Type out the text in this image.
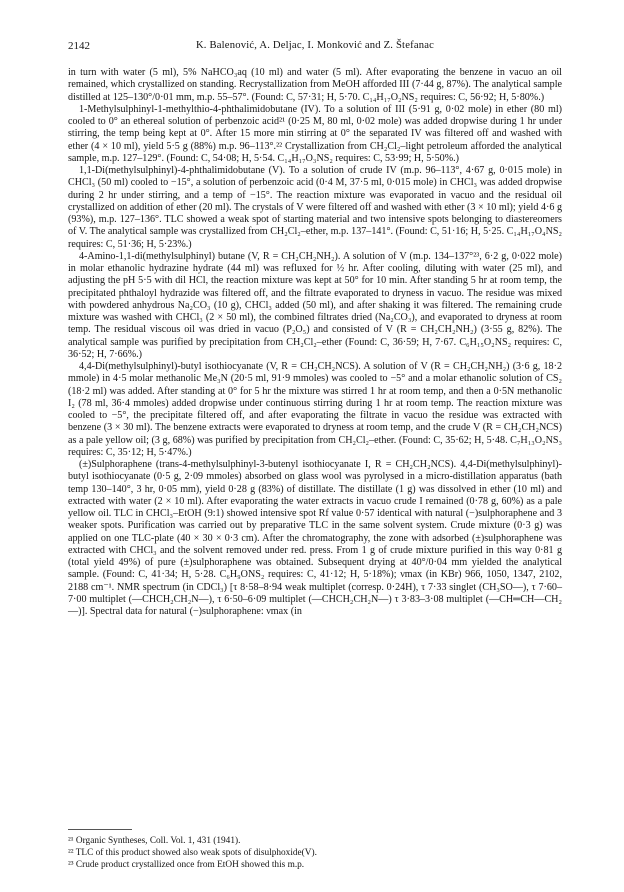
2142	K. Balenović, A. Deljac, I. Monković and Z. Štefanac

in turn with water (5 ml), 5% NaHCO₃aq (10 ml) and water (5 ml). After evaporating the benzene in vacuo an oil remained, which crystallized on standing. Recrystallization from MeOH afforded III (7·44 g, 87%). The analytical sample distilled at 125–130°/0·01 mm, m.p. 55–57°. (Found: C, 57·31; H, 5·70. C₁₄H₁₇O₂NS₂ requires: C, 56·92; H, 5·80%.)

1-Methylsulphinyl-1-methylthio-4-phthalimidobutane (IV). To a solution of III (5·91 g, 0·02 mole) in ether (80 ml) cooled to 0° an ethereal solution of perbenzoic acid²¹ (0·25 M, 80 ml, 0·02 mole) was added dropwise during 1 hr under stirring, the temp being kept at 0°. After 15 more min stirring at 0° the separated IV was filtered off and washed with ether (4 × 10 ml), yield 5·5 g (88%) m.p. 96–113°.²² Crystallization from CH₂Cl₂–light petroleum afforded the analytical sample, m.p. 127–129°. (Found: C, 54·08; H, 5·54. C₁₄H₁₇O₃NS₂ requires: C, 53·99; H, 5·50%.)

1,1-Di(methylsulphinyl)-4-phthalimidobutane (V). To a solution of crude IV (m.p. 96–113°, 4·67 g, 0·015 mole) in CHCl₃ (50 ml) cooled to −15°, a solution of perbenzoic acid (0·4 M, 37·5 ml, 0·015 mole) in CHCl₃ was added dropwise during 2 hr under stirring, and a temp of −15°. The reaction mixture was evaporated in vacuo and the residual oil crystallized on addition of ether (20 ml). The crystals of V were filtered off and washed with ether (3 × 10 ml); yield 4·6 g (93%), m.p. 127–136°. TLC showed a weak spot of starting material and two intensive spots belonging to diastereomers of V. The analytical sample was crystallized from CH₂Cl₂–ether, m.p. 137–141°. (Found: C, 51·16; H, 5·25. C₁₄H₁₇O₄NS₂ requires: C, 51·36; H, 5·23%.)

4-Amino-1,1-di(methylsulphinyl) butane (V, R = CH₂CH₂NH₂). A solution of V (m.p. 134–137°²³, 6·2 g, 0·022 mole) in molar ethanolic hydrazine hydrate (44 ml) was refluxed for ½ hr. After cooling, diluting with water (25 ml), and adjusting the pH 5·5 with dil HCl, the reaction mixture was kept at 50° for 10 min. After standing 5 hr at room temp, the precipitated phthaloyl hydrazide was filtered off, and the filtrate evaporated to dryness in vacuo. The residue was mixed with powdered anhydrous Na₂CO₃ (10 g), CHCl₃ added (50 ml), and after shaking it was filtered. The remaining crude mixture was washed with CHCl₃ (2 × 50 ml), the combined filtrates dried (Na₂CO₃), and evaporated to dryness at room temp. The residual viscous oil was dried in vacuo (P₂O₅) and consisted of V (R = CH₂CH₂NH₂) (3·55 g, 82%). The analytical sample was purified by precipitation from CH₂Cl₂–ether (Found: C, 36·59; H, 7·67. C₆H₁₅O₂NS₂ requires: C, 36·52; H, 7·66%.)

4,4-Di(methylsulphinyl)-butyl isothiocyanate (V, R = CH₂CH₂NCS). A solution of V (R = CH₂CH₂NH₂) (3·6 g, 18·2 mmole) in 4·5 molar methanolic Me₃N (20·5 ml, 91·9 mmoles) was cooled to −5° and a molar ethanolic solution of CS₂ (18·2 ml) was added. After standing at 0° for 5 hr the mixture was stirred 1 hr at room temp, and then a 0·5N methanolic I₂ (78 ml, 36·4 mmoles) added dropwise under continuous stirring during 1 hr at room temp. The reaction mixture was cooled to −5°, the precipitate filtered off, and after evaporating the filtrate in vacuo the residue was extracted with benzene (3 × 30 ml). The benzene extracts were evaporated to dryness at room temp, and the crude V (R = CH₂CH₂NCS) as a pale yellow oil; (3 g, 68%) was purified by precipitation from CH₂Cl₂–ether. (Found: C, 35·62; H, 5·48. C₇H₁₃O₂NS₃ requires: C, 35·12; H, 5·47%.)

(±)Sulphoraphene (trans-4-methylsulphinyl-3-butenyl isothiocyanate I, R = CH₂CH₂NCS). 4,4-Di(methylsulphinyl)-butyl isothiocyanate (0·5 g, 2·09 mmoles) absorbed on glass wool was pyrolysed in a micro-distillation apparatus (bath temp 130–140°, 3 hr, 0·05 mm), yield 0·28 g (83%) of distillate. The distillate (1 g) was dissolved in ether (10 ml) and extracted with water (2 × 10 ml). After evaporating the water extracts in vacuo crude I remained (0·78 g, 60%) as a pale yellow oil. TLC in CHCl₃–EtOH (9:1) showed intensive spot Rf value 0·57 identical with natural (−)sulphoraphene and 3 weaker spots. Purification was carried out by preparative TLC in the same solvent system. Crude mixture (0·3 g) was applied on one TLC-plate (40 × 30 × 0·3 cm). After the chromatography, the zone with adsorbed (±)sulphoraphene was extracted with CHCl₃ and the solvent removed under red. press. From 1 g of crude mixture purified in this way 0·81 g (total yield 49%) of pure (±)sulphoraphene was obtained. Subsequent drying at 40°/0·04 mm yielded the analytical sample. (Found: C, 41·34; H, 5·28. C₆H₉ONS₂ requires: C, 41·12; H, 5·18%); νmax (in KBr) 966, 1050, 1347, 2102, 2188 cm⁻¹. NMR spectrum (in CDCl₃) [τ 8·58–8·94 weak multiplet (corresp. 0·24H), τ 7·33 singlet (CH₃SO—), τ 7·60–7·00 multiplet (—CHCH₂CH₂N—), τ 6·50–6·09 multiplet (—CHCH₂CH₂N—) τ 3·83–3·08 multiplet (—CH═CH—CH₂—)]. Spectral data for natural (−)sulphoraphene: νmax (in

²¹ Organic Syntheses, Coll. Vol. 1, 431 (1941).
²² TLC of this product showed also weak spots of disulphoxide(V).
²³ Crude product crystallized once from EtOH showed this m.p.
